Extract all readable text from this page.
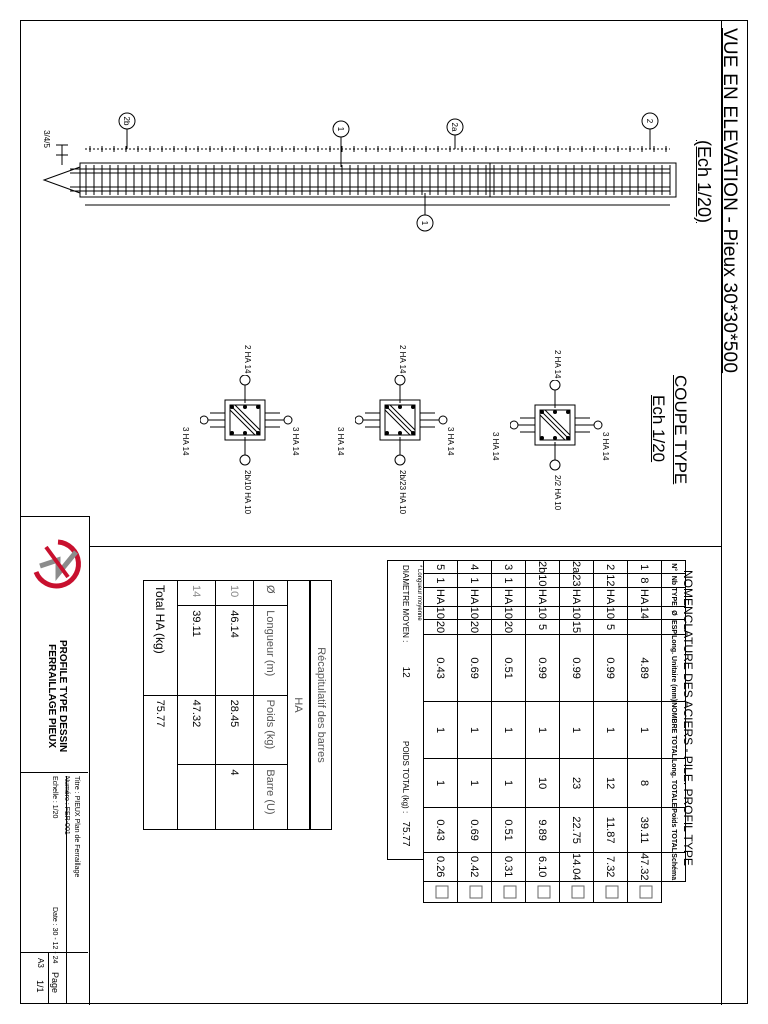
VUE EN ELEVATION - Pieux 30*30*500
(Ech 1/20)
2b
1	2a
2
1
3/4/5
COUPE TYPE
Ech 1/20
2 HA 14
2/2 HA 10
3 HA 14	3 HA 14
2 HA 14
2b/23 HA 10
3 HA 14	3 HA 14
2 HA 14
2b/10 HA 10
3 HA 14	3 HA 14
NOMENCLATURE DES ACIERS - PILE. PROFIL TYPE
N°	Nb	TYPE	Ø	ESP	Long. Unitaire (mm)	NOMBRE TOTAL	Long. TOTALE	Poids TOTAL	Schéma	
1	8	HA	14		4.89	1	8	39.11	47.32	
2	12	HA	10	5	0.99	1	12	11.87	7.32	
2a	23	HA	10	15	0.99	1	23	22.75	14.04	
2b	10	HA	10	5	0.99	1	10	9.89	6.10	
3	1	HA	10	20	0.51	1	1	0.51	0.31	
4	1	HA	10	20	0.69	1	1	0.69	0.42	
5	1	HA	10	20	0.43	1	1	0.43	0.26	
* Longueur moyenne
DIAMETRE MOYEN : 12
POIDS TOTAL (kg) : 75.77
Récapitulatif des barres
HA			
Ø	Longueur (m)	Poids (kg)	Barre (U)
10	46.14	28.45	4
14	39.11	47.32	
Total HA (kg)		75.77	
PROFILE TYPE DESSIN
FERRAILLAGE PIEUX
Titre : PIEUX Plan de Ferraillage
Numéro : FER-001
Echelle : 1/20
Date : 30 - 12 - 24
A3
Page
1/1
